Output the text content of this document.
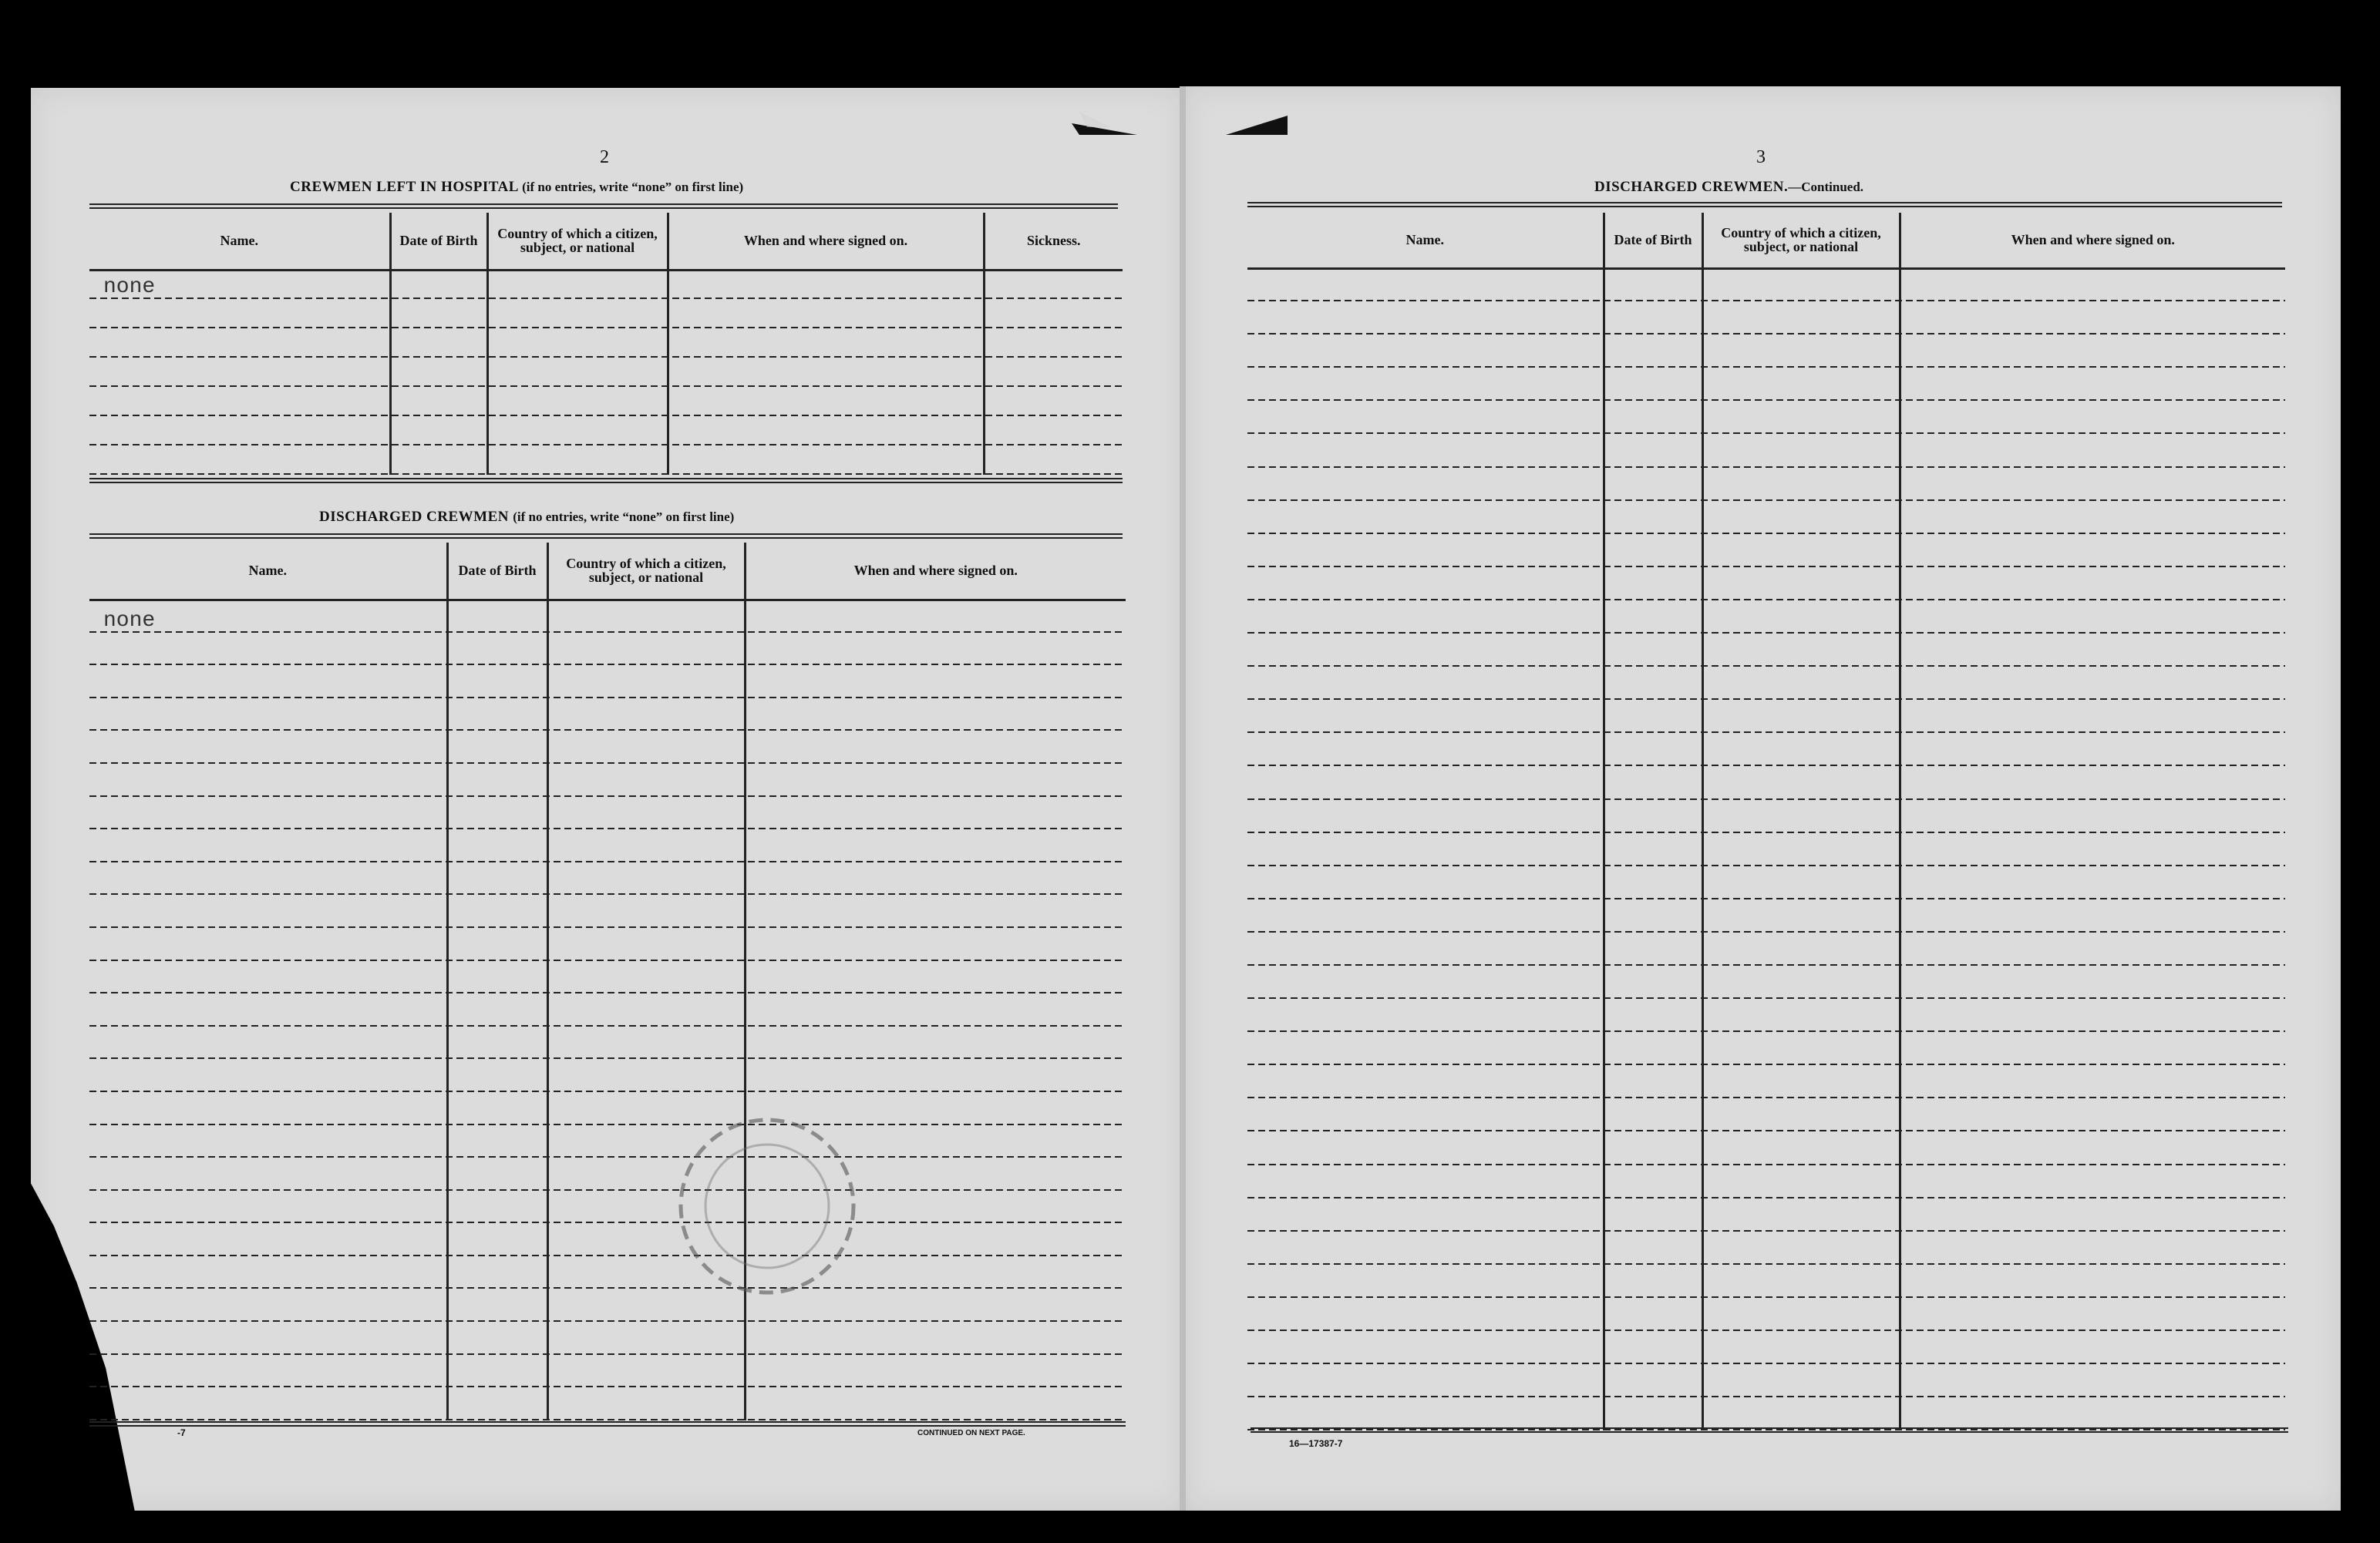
2
CREWMEN LEFT IN HOSPITAL (if no entries, write “none” on first line)
Name.	Date of Birth	Country of which a citizen, subject, or national	When and where signed on.	Sickness.
none				

DISCHARGED CREWMEN (if no entries, write “none” on first line)
Name.	Date of Birth	Country of which a citizen, subject, or national	When and where signed on.
none			

-7	CONTINUED ON NEXT PAGE.
3
DISCHARGED CREWMEN.—Continued.
Name.	Date of Birth	Country of which a citizen, subject, or national	When and where signed on.

16—17387-7
